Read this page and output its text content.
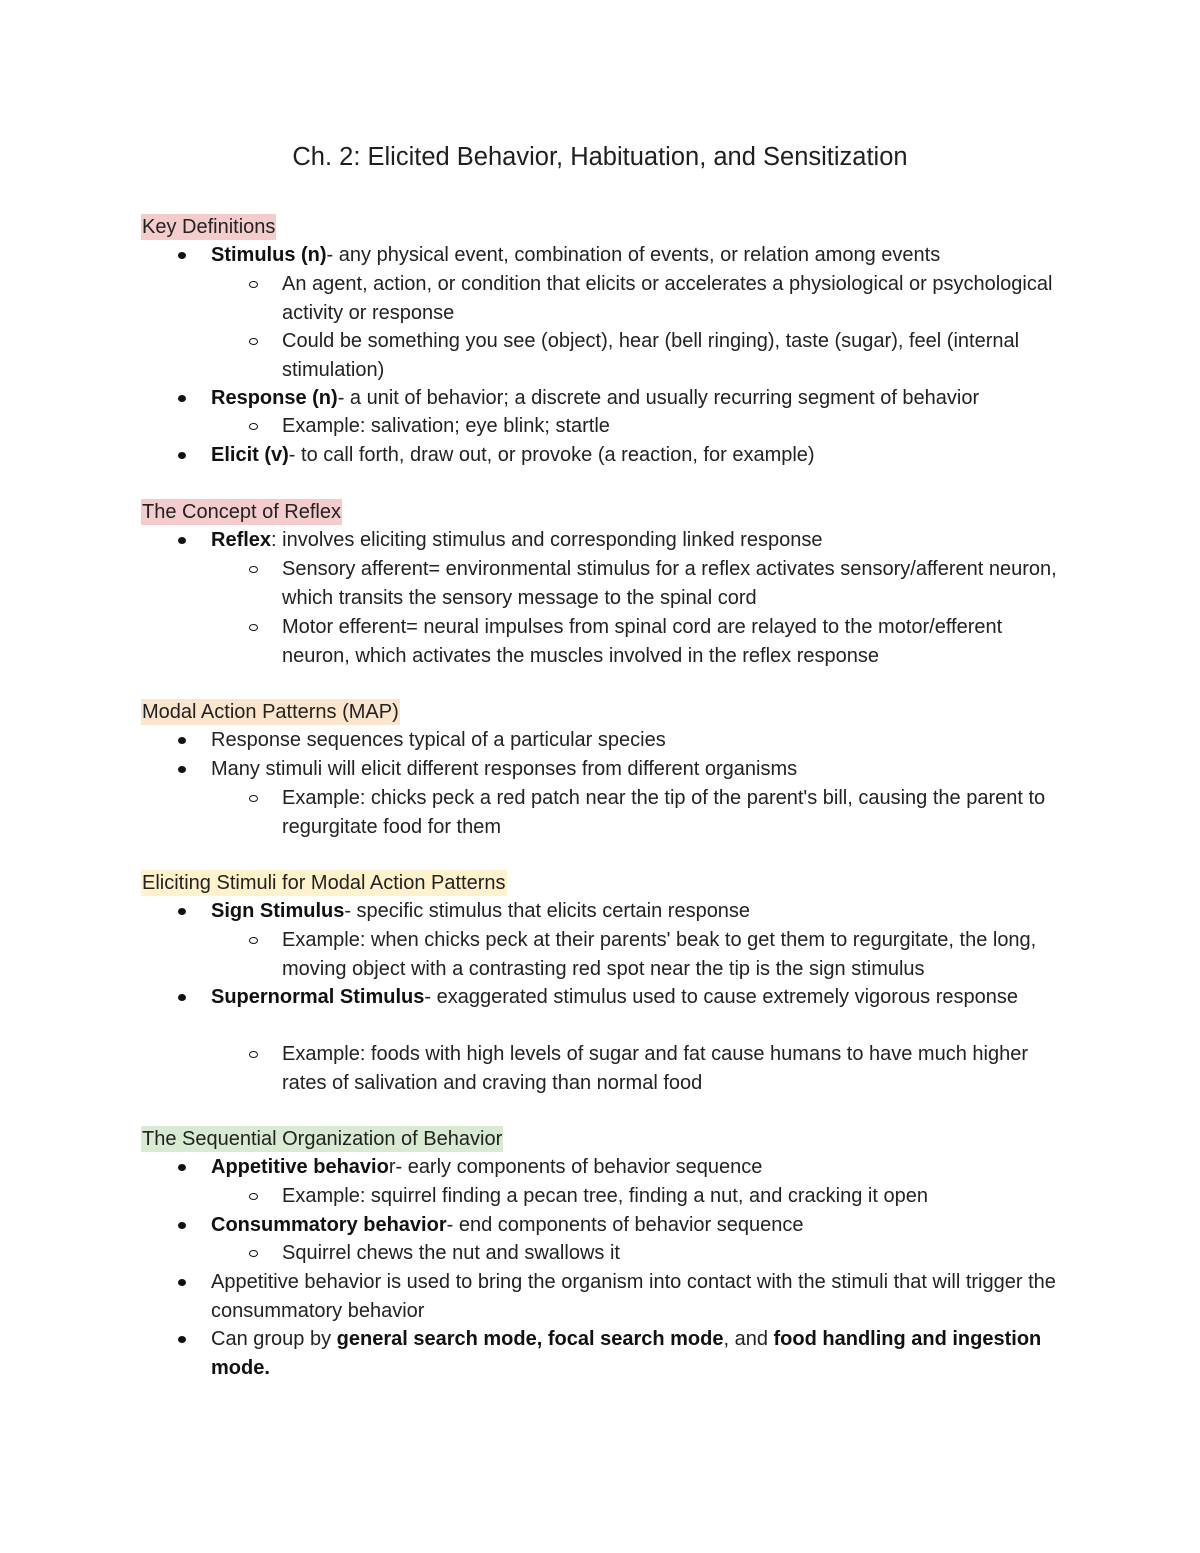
Ch. 2: Elicited Behavior, Habituation, and Sensitization
Key Definitions
Stimulus (n)- any physical event, combination of events, or relation among events
An agent, action, or condition that elicits or accelerates a physiological or psychological activity or response
Could be something you see (object), hear (bell ringing), taste (sugar), feel (internal stimulation)
Response (n)- a unit of behavior; a discrete and usually recurring segment of behavior
Example: salivation; eye blink; startle
Elicit (v)- to call forth, draw out, or provoke (a reaction, for example)
The Concept of Reflex
Reflex: involves eliciting stimulus and corresponding linked response
Sensory afferent= environmental stimulus for a reflex activates sensory/afferent neuron, which transits the sensory message to the spinal cord
Motor efferent= neural impulses from spinal cord are relayed to the motor/efferent neuron, which activates the muscles involved in the reflex response
Modal Action Patterns (MAP)
Response sequences typical of a particular species
Many stimuli will elicit different responses from different organisms
Example: chicks peck a red patch near the tip of the parent's bill, causing the parent to regurgitate food for them
Eliciting Stimuli for Modal Action Patterns
Sign Stimulus- specific stimulus that elicits certain response
Example: when chicks peck at their parents' beak to get them to regurgitate, the long, moving object with a contrasting red spot near the tip is the sign stimulus
Supernormal Stimulus- exaggerated stimulus used to cause extremely vigorous response
Example: foods with high levels of sugar and fat cause humans to have much higher rates of salivation and craving than normal food
The Sequential Organization of Behavior
Appetitive behavior- early components of behavior sequence
Example: squirrel finding a pecan tree, finding a nut, and cracking it open
Consummatory behavior- end components of behavior sequence
Squirrel chews the nut and swallows it
Appetitive behavior is used to bring the organism into contact with the stimuli that will trigger the consummatory behavior
Can group by general search mode, focal search mode, and food handling and ingestion mode.
